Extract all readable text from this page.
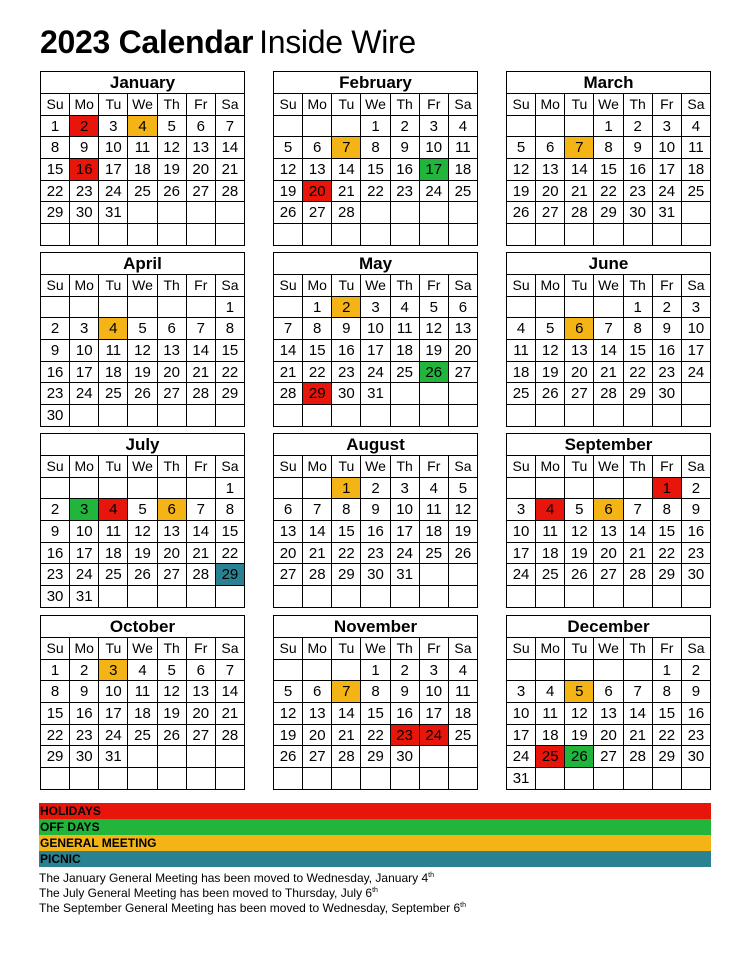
2023 Calendar Inside Wire
January						
Su	Mo	Tu	We	Th	Fr	Sa
1	2	3	4	5	6	7
8	9	10	11	12	13	14
15	16	17	18	19	20	21
22	23	24	25	26	27	28
29	30	31				

February						
Su	Mo	Tu	We	Th	Fr	Sa
			1	2	3	4
5	6	7	8	9	10	11
12	13	14	15	16	17	18
19	20	21	22	23	24	25
26	27	28				

March						
Su	Mo	Tu	We	Th	Fr	Sa
			1	2	3	4
5	6	7	8	9	10	11
12	13	14	15	16	17	18
19	20	21	22	23	24	25
26	27	28	29	30	31	

April						
Su	Mo	Tu	We	Th	Fr	Sa
						1
2	3	4	5	6	7	8
9	10	11	12	13	14	15
16	17	18	19	20	21	22
23	24	25	26	27	28	29
30						
May						
Su	Mo	Tu	We	Th	Fr	Sa
	1	2	3	4	5	6
7	8	9	10	11	12	13
14	15	16	17	18	19	20
21	22	23	24	25	26	27
28	29	30	31			

June						
Su	Mo	Tu	We	Th	Fr	Sa
				1	2	3
4	5	6	7	8	9	10
11	12	13	14	15	16	17
18	19	20	21	22	23	24
25	26	27	28	29	30	

July						
Su	Mo	Tu	We	Th	Fr	Sa
						1
2	3	4	5	6	7	8
9	10	11	12	13	14	15
16	17	18	19	20	21	22
23	24	25	26	27	28	29
30	31					
August						
Su	Mo	Tu	We	Th	Fr	Sa
		1	2	3	4	5
6	7	8	9	10	11	12
13	14	15	16	17	18	19
20	21	22	23	24	25	26
27	28	29	30	31		

September						
Su	Mo	Tu	We	Th	Fr	Sa
					1	2
3	4	5	6	7	8	9
10	11	12	13	14	15	16
17	18	19	20	21	22	23
24	25	26	27	28	29	30

October						
Su	Mo	Tu	We	Th	Fr	Sa
1	2	3	4	5	6	7
8	9	10	11	12	13	14
15	16	17	18	19	20	21
22	23	24	25	26	27	28
29	30	31				

November						
Su	Mo	Tu	We	Th	Fr	Sa
			1	2	3	4
5	6	7	8	9	10	11
12	13	14	15	16	17	18
19	20	21	22	23	24	25
26	27	28	29	30		

December						
Su	Mo	Tu	We	Th	Fr	Sa
					1	2
3	4	5	6	7	8	9
10	11	12	13	14	15	16
17	18	19	20	21	22	23
24	25	26	27	28	29	30
31						
HOLIDAYS
OFF DAYS
GENERAL MEETING
PICNIC
The January General Meeting has been moved to Wednesday, January 4th
The July General Meeting has been moved to Thursday, July 6th
The September General Meeting has been moved to Wednesday, September 6th
